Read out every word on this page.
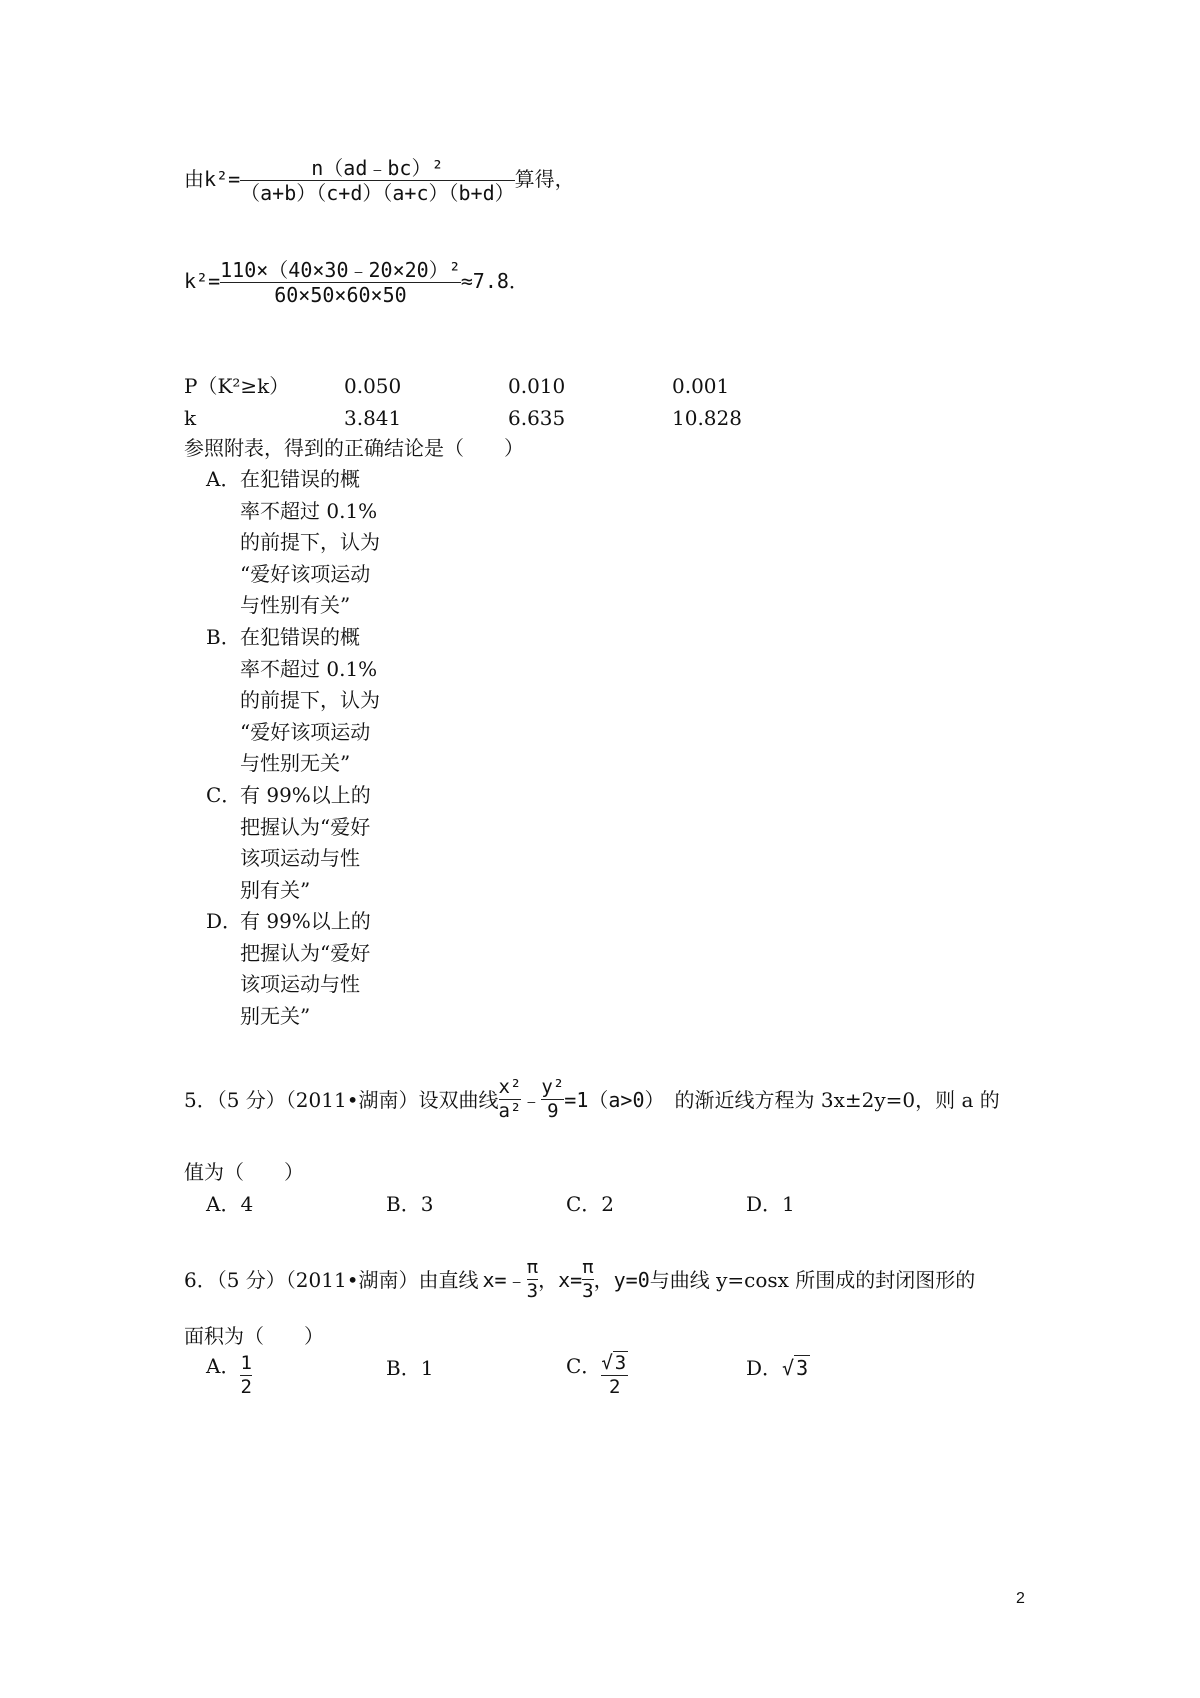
由$k^2= \frac{\text{n（ad﹣bc）²}}{(a+b)(c+d)(a+c)(b+d)}$ 算得，
$k^2= \frac{\text{110×（40×30﹣20×20）²}}{60\times 50\times 60\times 50} \approx 7.8$．
P（K²≥k）	0.050	0.010	0.001
k	3.841	6.635	10.828
参照附表，得到的正确结论是（　　）
A．在犯错误的概
率不超过 0.1%
的前提下，认为
“爱好该项运动
与性别有关”
B．在犯错误的概
率不超过 0.1%
的前提下，认为
“爱好该项运动
与性别无关”
C．有 99%以上的
把握认为“爱好
该项运动与性
别有关”
D．有 99%以上的
把握认为“爱好
该项运动与性
别无关”
5．（5 分）（2011•湖南）设双曲线 $\frac{\text{x²}}{\text{a²}}$ ﹣ $\frac{\text{y²}}{9} =1(a>0)$ 的渐近线方程为 3x±2y=0，则 a 的
值为（　　）
A．4	B．3	C．2	D．1
6．（5 分）（2011•湖南）由直线 x=﹣ $\frac{\pi}{3}$ ， $x= \frac{\pi}{3}$ ，y=0 与曲线 y=cosx 所围成的封闭图形的
面积为（　　）
A． $\frac{1}{2}$	B．1	C． $\frac{√ 3}{2}$	D．√ 3
2
